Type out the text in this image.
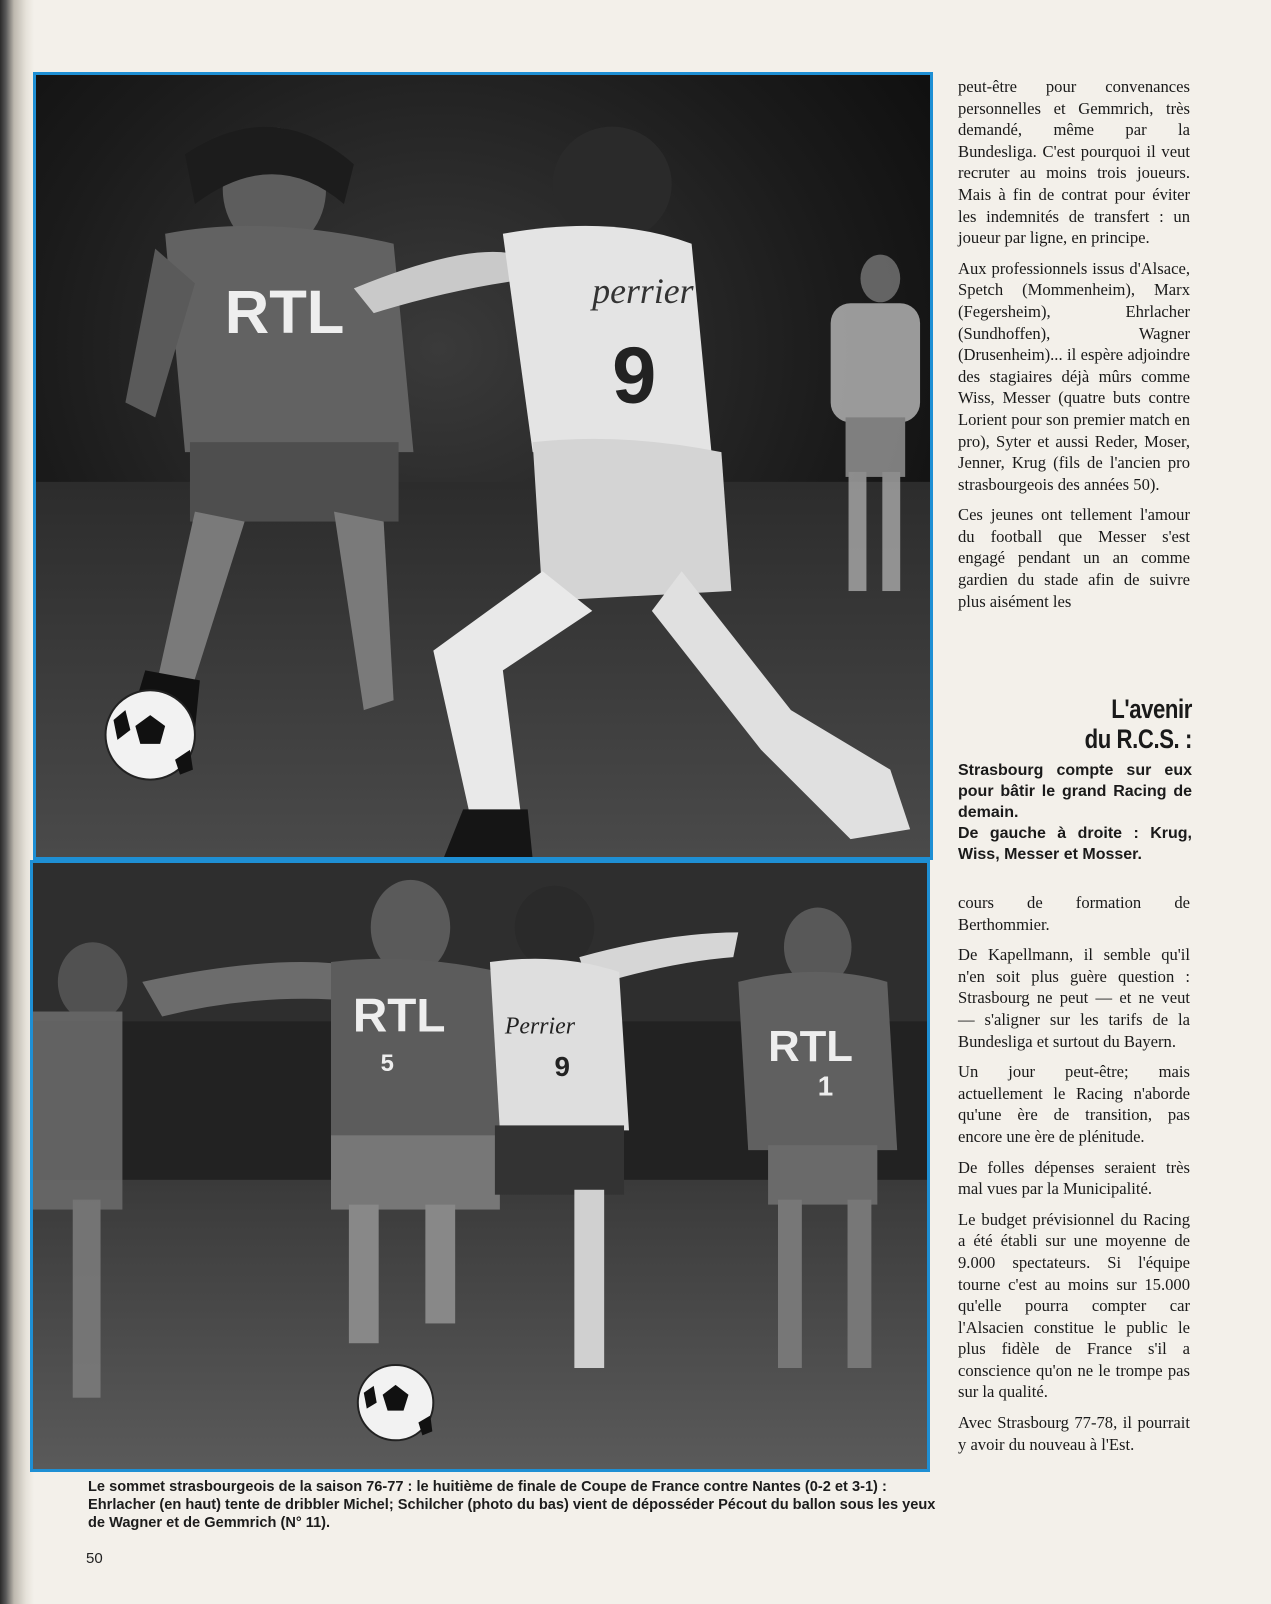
RTL	perrier
9
RTL
5
Perrier
9	RTL
1

Le sommet strasbourgeois de la saison 76-77 : le huitième de finale de Coupe de France contre Nantes (0-2 et 3-1) : Ehrlacher (en haut) tente de dribbler Michel; Schilcher (photo du bas) vient de déposséder Pécout du ballon sous les yeux de Wagner et de Gemmrich (N° 11).

50

peut-être pour convenances personnelles et Gemmrich, très demandé, même par la Bundesliga. C'est pourquoi il veut recruter au moins trois joueurs. Mais à fin de contrat pour éviter les indemnités de transfert : un joueur par ligne, en principe.

Aux professionnels issus d'Alsace, Spetch (Mommenheim), Marx (Fegersheim), Ehrlacher (Sundhoffen), Wagner (Drusenheim)... il espère adjoindre des stagiaires déjà mûrs comme Wiss, Messer (quatre buts contre Lorient pour son premier match en pro), Syter et aussi Reder, Moser, Jenner, Krug (fils de l'ancien pro strasbourgeois des années 50).

Ces jeunes ont tellement l'amour du football que Messer s'est engagé pendant un an comme gardien du stade afin de suivre plus aisément les

L'avenir
du R.C.S. :

Strasbourg compte sur eux pour bâtir le grand Racing de demain.

De gauche à droite : Krug, Wiss, Messer et Mosser.

cours de formation de Berthommier.

De Kapellmann, il semble qu'il n'en soit plus guère question : Strasbourg ne peut — et ne veut — s'aligner sur les tarifs de la Bundesliga et surtout du Bayern.

Un jour peut-être; mais actuellement le Racing n'aborde qu'une ère de transition, pas encore une ère de plénitude.

De folles dépenses seraient très mal vues par la Municipalité.

Le budget prévisionnel du Racing a été établi sur une moyenne de 9.000 spectateurs. Si l'équipe tourne c'est au moins sur 15.000 qu'elle pourra compter car l'Alsacien constitue le public le plus fidèle de France s'il a conscience qu'on ne le trompe pas sur la qualité.

Avec Strasbourg 77-78, il pourrait y avoir du nouveau à l'Est.
